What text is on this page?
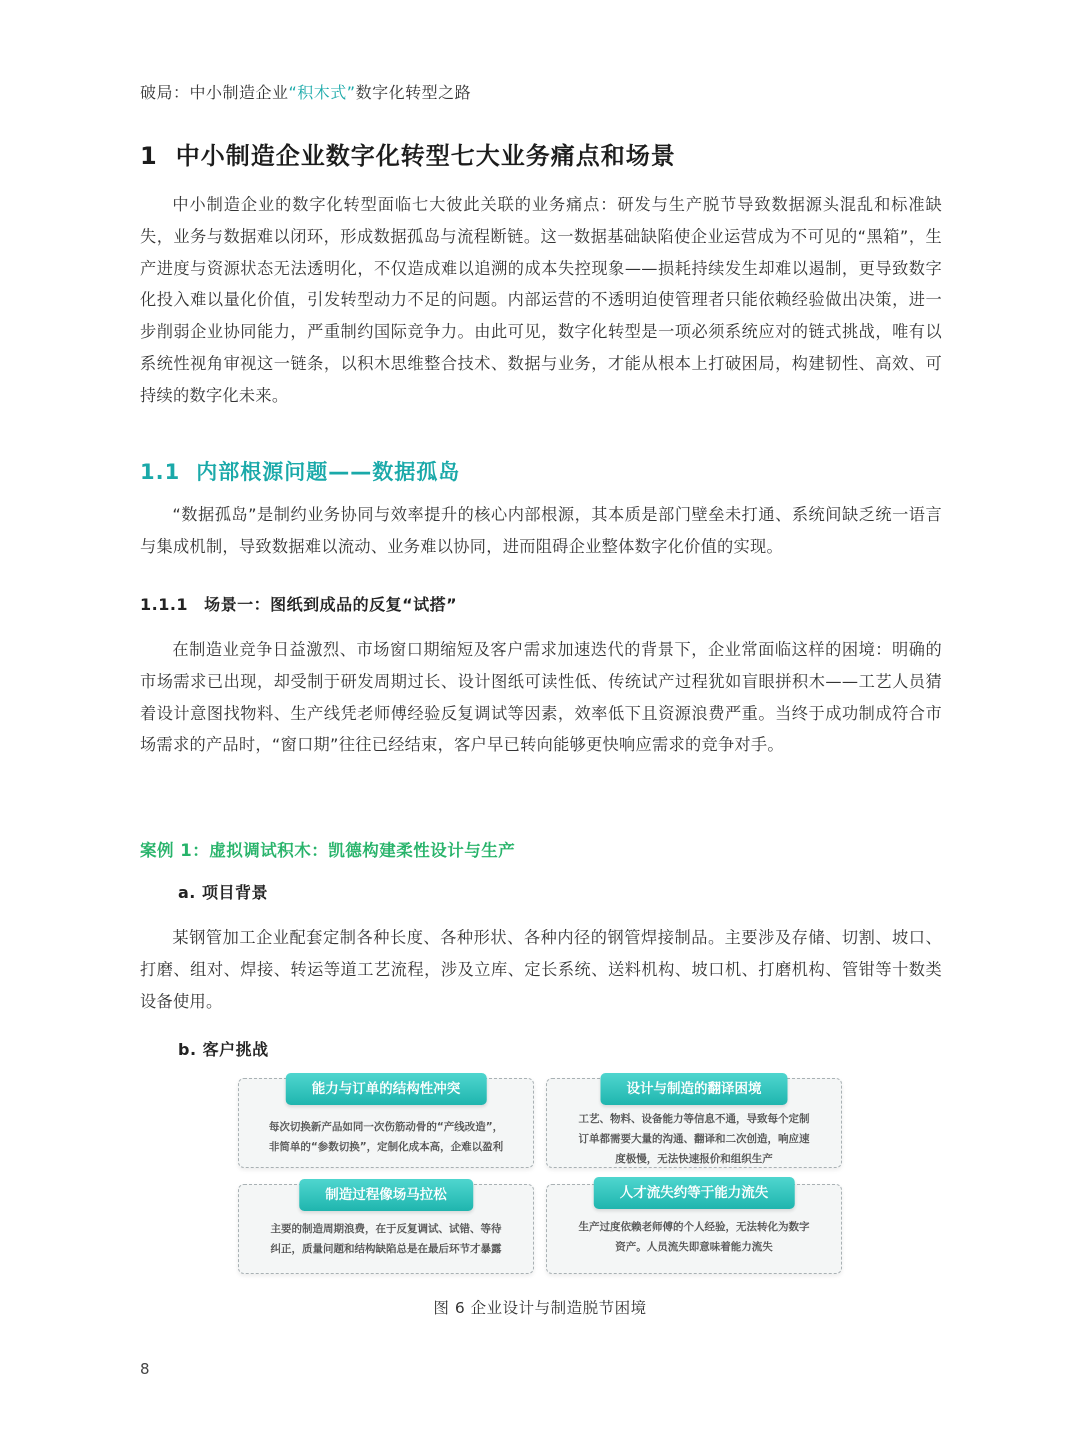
破局：中小制造企业“积木式”数字化转型之路
1 中小制造企业数字化转型七大业务痛点和场景
中小制造企业的数字化转型面临七大彼此关联的业务痛点：研发与生产脱节导致数据源头混乱和标准缺失，业务与数据难以闭环，形成数据孤岛与流程断链。这一数据基础缺陷使企业运营成为不可见的“黑箱”，生产进度与资源状态无法透明化，不仅造成难以追溯的成本失控现象——损耗持续发生却难以遏制，更导致数字化投入难以量化价值，引发转型动力不足的问题。内部运营的不透明迫使管理者只能依赖经验做出决策，进一步削弱企业协同能力，严重制约国际竞争力。由此可见，数字化转型是一项必须系统应对的链式挑战，唯有以系统性视角审视这一链条，以积木思维整合技术、数据与业务，才能从根本上打破困局，构建韧性、高效、可持续的数字化未来。
1.1 内部根源问题——数据孤岛
“数据孤岛”是制约业务协同与效率提升的核心内部根源，其本质是部门壁垒未打通、系统间缺乏统一语言与集成机制，导致数据难以流动、业务难以协同，进而阻碍企业整体数字化价值的实现。
1.1.1 场景一：图纸到成品的反复“试搭”
在制造业竞争日益激烈、市场窗口期缩短及客户需求加速迭代的背景下，企业常面临这样的困境：明确的市场需求已出现，却受制于研发周期过长、设计图纸可读性低、传统试产过程犹如盲眼拼积木——工艺人员猜着设计意图找物料、生产线凭老师傅经验反复调试等因素，效率低下且资源浪费严重。当终于成功制成符合市场需求的产品时，“窗口期”往往已经结束，客户早已转向能够更快响应需求的竞争对手。
案例 1：虚拟调试积木：凯德构建柔性设计与生产
a. 项目背景
某钢管加工企业配套定制各种长度、各种形状、各种内径的钢管焊接制品。主要涉及存储、切割、坡口、打磨、组对、焊接、转运等道工艺流程，涉及立库、定长系统、送料机构、坡口机、打磨机构、管钳等十数类设备使用。
b. 客户挑战
能力与订单的结构性冲突
每次切换新产品如同一次伤筋动骨的“产线改造”，
非简单的“参数切换”，定制化成本高，企难以盈利
设计与制造的翻译困境
工艺、物料、设备能力等信息不通，导致每个定制
订单都需要大量的沟通、翻译和二次创造，响应速
度极慢，无法快速报价和组织生产
制造过程像场马拉松
主要的制造周期浪费，在于反复调试、试错、等待
纠正，质量问题和结构缺陷总是在最后环节才暴露
人才流失约等于能力流失
生产过度依赖老师傅的个人经验，无法转化为数字
资产。人员流失即意味着能力流失
图 6 企业设计与制造脱节困境
8
